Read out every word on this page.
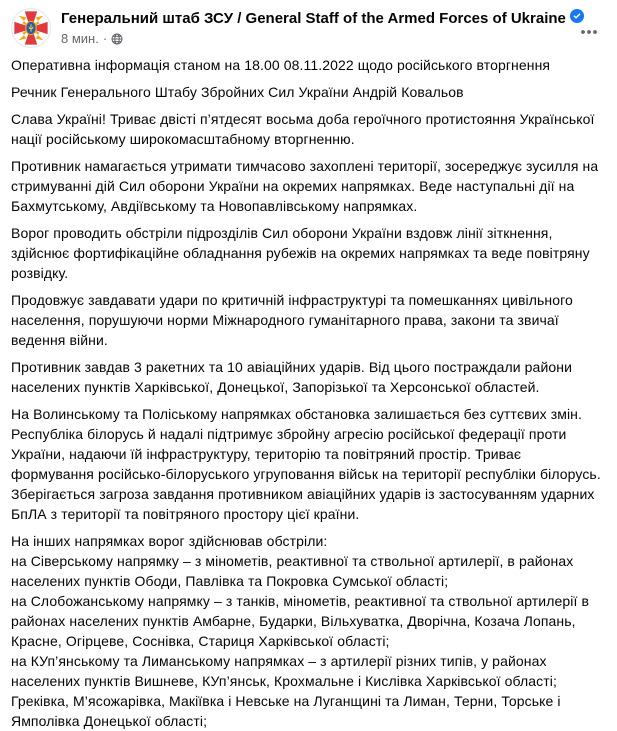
Генеральний штаб ЗСУ / General Staff of the Armed Forces of Ukraine
8 мин. ·

Оперативна інформація станом на 18.00 08.11.2022 щодо російського вторгнення

Речник Генерального Штабу Збройних Сил України Андрій Ковальов

Слава Україні! Триває двісті п’ятдесят восьма доба героїчного протистояння Української нації російському широкомасштабному вторгненню.

Противник намагається утримати тимчасово захоплені території, зосереджує зусилля на стримуванні дій Сил оборони України на окремих напрямках. Веде наступальні дії на Бахмутському, Авдіївському та Новопавлівському напрямках.

Ворог проводить обстріли підрозділів Сил оборони України вздовж лінії зіткнення, здійснює фортифікаційне обладнання рубежів на окремих напрямках та веде повітряну розвідку.

Продовжує завдавати удари по критичній інфраструктурі та помешканнях цивільного населення, порушуючи норми Міжнародного гуманітарного права, закони та звичаї ведення війни.

Противник завдав 3 ракетних та 10 авіаційних ударів. Від цього постраждали райони населених пунктів Харківської, Донецької, Запорізької та Херсонської областей.

На Волинському та Поліському напрямках обстановка залишається без суттєвих змін. Республіка білорусь й надалі підтримує збройну агресію російської федерації проти України, надаючи їй інфраструктуру, територію та повітряний простір. Триває формування російсько-білоруського угруповання військ на території республіки білорусь. Зберігається загроза завдання противником авіаційних ударів із застосуванням ударних БпЛА з території та повітряного простору цієї країни.

На інших напрямках ворог здійснював обстріли:
на Сіверському напрямку – з мінометів, реактивної та ствольної артилерії, в районах населених пунктів Ободи, Павлівка та Покровка Сумської області;
на Слобожанському напрямку – з танків, мінометів, реактивної та ствольної артилерії в районах населених пунктів Амбарне, Бударки, Вільхуватка, Дворічна, Козача Лопань, Красне, Огірцеве, Соснівка, Стариця Харківської області;
на КУп’янському та Лиманському напрямках – з артилерії різних типів, у районах населених пунктів Вишневе, КУп’янськ, Крохмальне і Кислівка Харківської області; Греківка, М’ясожарівка, Макіївка і Невське на Луганщині та Лиман, Терни, Торське і Ямполівка Донецької області;
